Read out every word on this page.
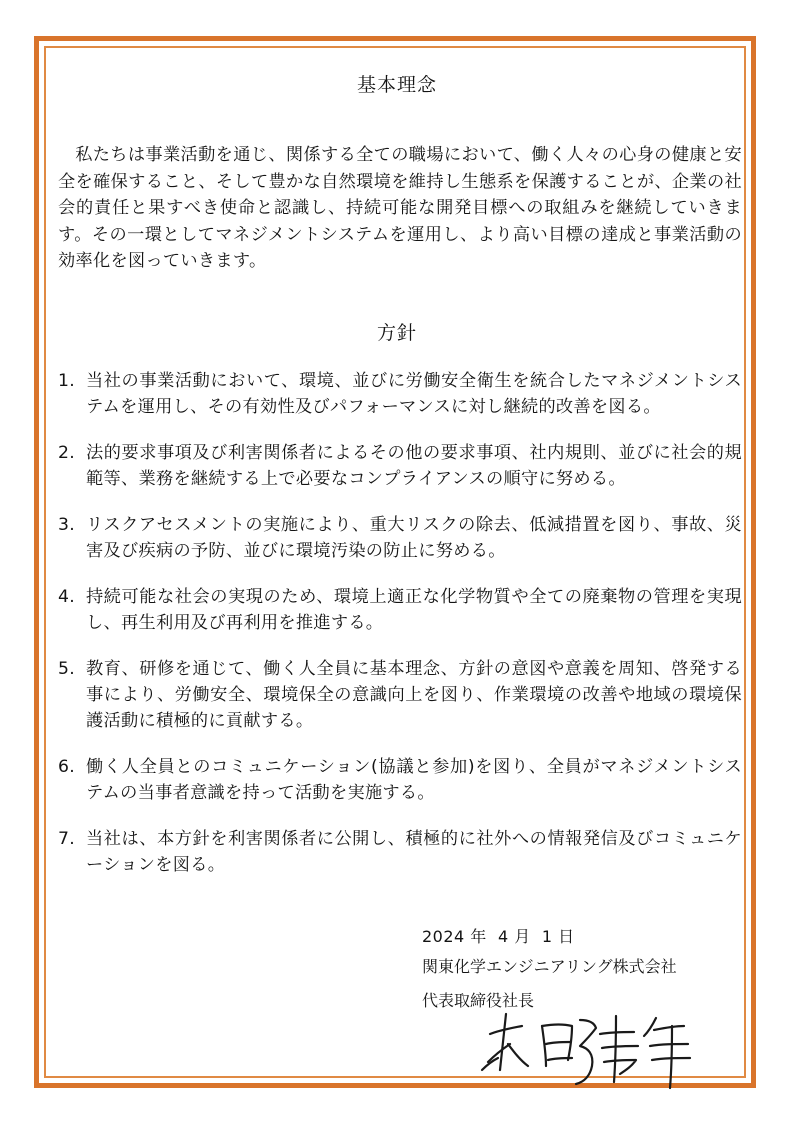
基本理念

私たちは事業活動を通じ、関係する全ての職場において、働く人々の心身の健康と安全を確保すること、そして豊かな自然環境を維持し生態系を保護することが、企業の社会的責任と果すべき使命と認識し、持続可能な開発目標への取組みを継続していきます。その一環としてマネジメントシステムを運用し、より高い目標の達成と事業活動の効率化を図っていきます。

方針
1. 当社の事業活動において、環境、並びに労働安全衛生を統合したマネジメントシステムを運用し、その有効性及びパフォーマンスに対し継続的改善を図る。
2. 法的要求事項及び利害関係者によるその他の要求事項、社内規則、並びに社会的規範等、業務を継続する上で必要なコンプライアンスの順守に努める。
3. リスクアセスメントの実施により、重大リスクの除去、低減措置を図り、事故、災害及び疾病の予防、並びに環境汚染の防止に努める。
4. 持続可能な社会の実現のため、環境上適正な化学物質や全ての廃棄物の管理を実現し、再生利用及び再利用を推進する。
5. 教育、研修を通じて、働く人全員に基本理念、方針の意図や意義を周知、啓発する事により、労働安全、環境保全の意識向上を図り、作業環境の改善や地域の環境保護活動に積極的に貢献する。
6. 働く人全員とのコミュニケーション(協議と参加)を図り、全員がマネジメントシステムの当事者意識を持って活動を実施する。
7. 当社は、本方針を利害関係者に公開し、積極的に社外への情報発信及びコミュニケーションを図る。
2024 年  4 月  1 日
関東化学エンジニアリング株式会社
代表取締役社長
